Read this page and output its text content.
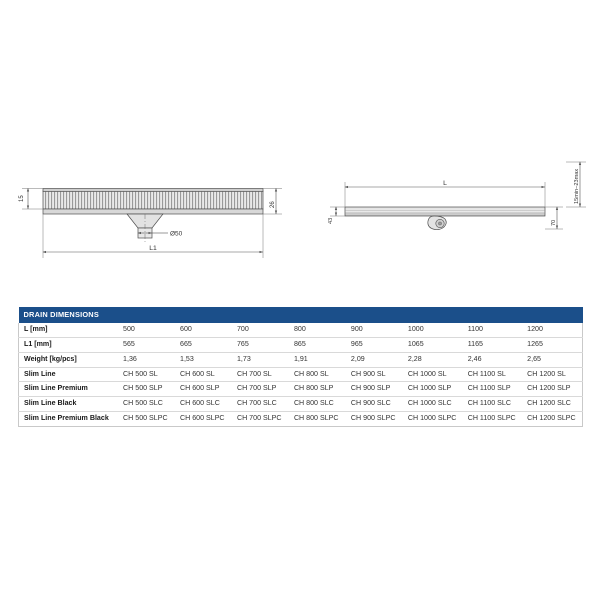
Ø50
15
26
L1
L
43	70
15min–23max
DRAIN DIMENSIONS								
L [mm]	500	600	700	800	900	1000	1100	1200
L1 [mm]	565	665	765	865	965	1065	1165	1265
Weight [kg/pcs]	1,36	1,53	1,73	1,91	2,09	2,28	2,46	2,65
Slim Line	CH 500 SL	CH 600 SL	CH 700 SL	CH 800 SL	CH 900 SL	CH 1000 SL	CH 1100 SL	CH 1200 SL
Slim Line Premium	CH 500 SLP	CH 600 SLP	CH 700 SLP	CH 800 SLP	CH 900 SLP	CH 1000 SLP	CH 1100 SLP	CH 1200 SLP
Slim Line Black	CH 500 SLC	CH 600 SLC	CH 700 SLC	CH 800 SLC	CH 900 SLC	CH 1000 SLC	CH 1100 SLC	CH 1200 SLC
Slim Line Premium Black	CH 500 SLPC	CH 600 SLPC	CH 700 SLPC	CH 800 SLPC	CH 900 SLPC	CH 1000 SLPC	CH 1100 SLPC	CH 1200 SLPC
